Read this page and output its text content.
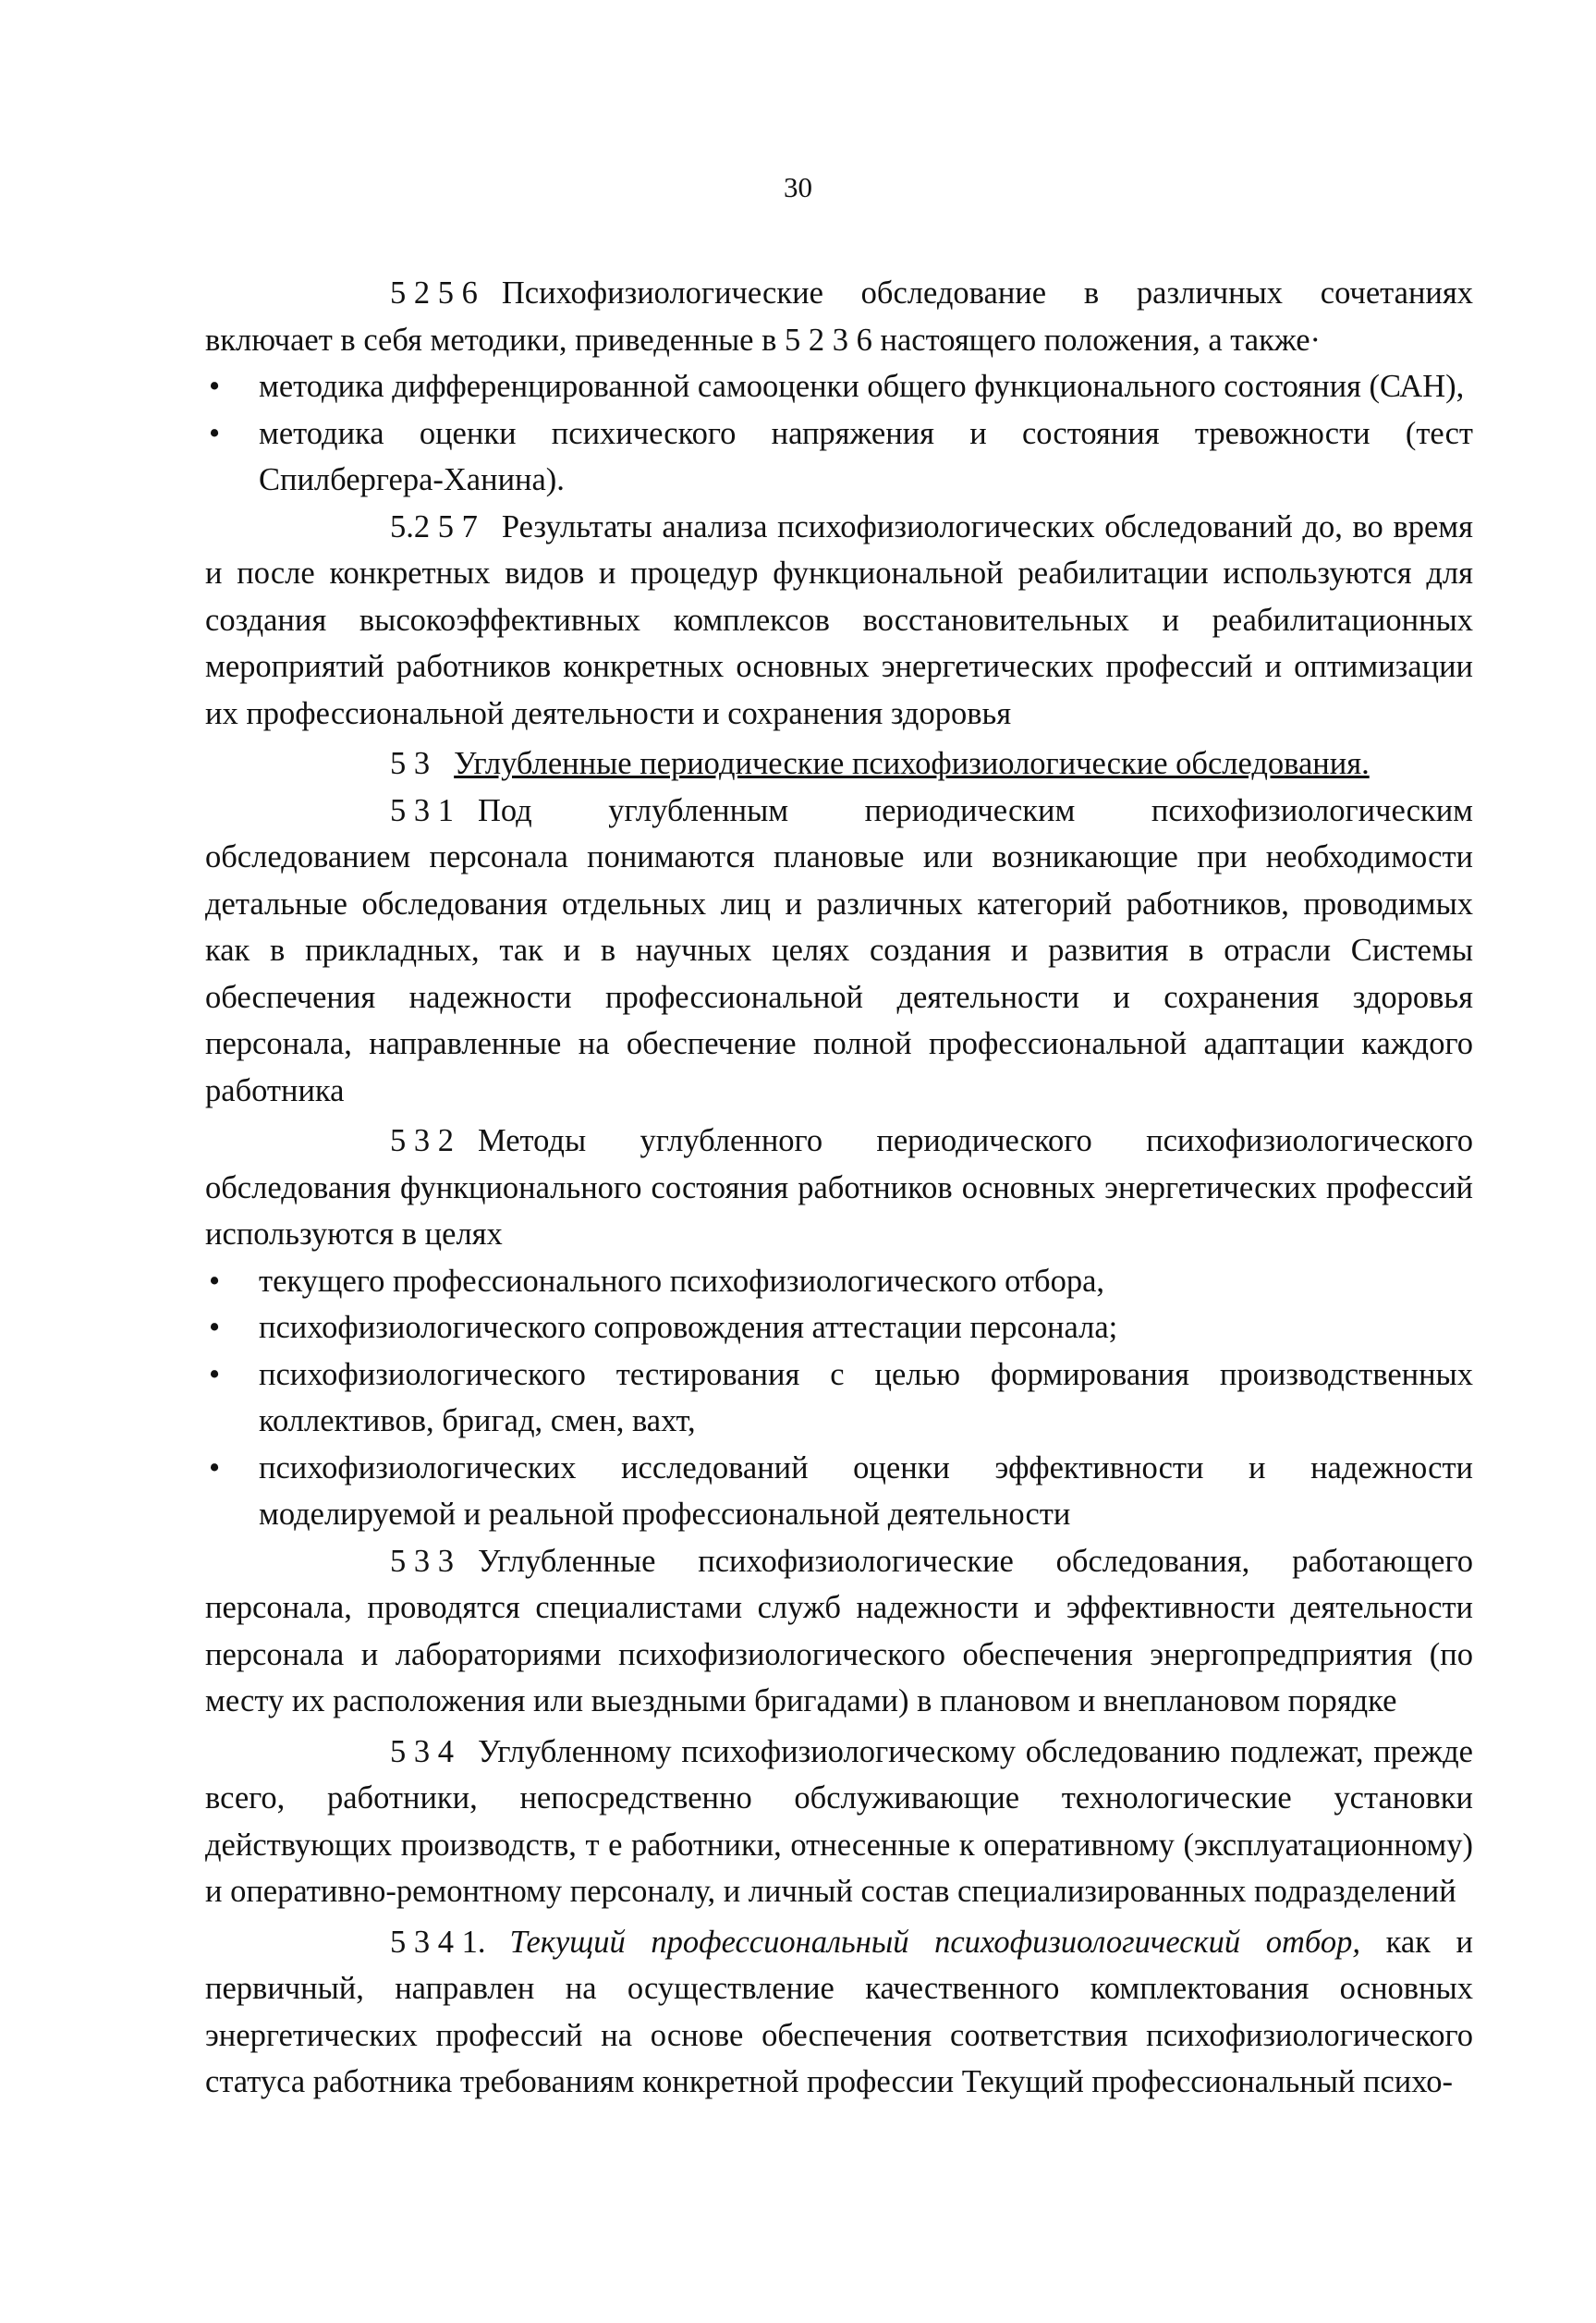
30

5 2 5 6 Психофизиологические обследование в различных сочетаниях включает в себя методики, приведенные в 5 2 3 6 настоящего положения, а также·

• методика дифференцированной самооценки общего функционального состояния (САН),
• методика оценки психического напряжения и состояния тревожности (тест Спилбергера-Ханина).

5.2 5 7 Результаты анализа психофизиологических обследований до, во время и после конкретных видов и процедур функциональной реабилитации используются для создания высокоэффективных комплексов восстановительных и реабилитационных мероприятий работников конкретных основных энергетических профессий и оптимизации их профессиональной деятельности и сохранения здоровья

5 3 Углубленные периодические психофизиологические обследования.

5 3 1 Под углубленным периодическим психофизиологическим обследованием персонала понимаются плановые или возникающие при необходимости детальные обследования отдельных лиц и различных категорий работников, проводимых как в прикладных, так и в научных целях создания и развития в отрасли Системы обеспечения надежности профессиональной деятельности и сохранения здоровья персонала, направленные на обеспечение полной профессиональной адаптации каждого работника

5 3 2 Методы углубленного периодического психофизиологического обследования функционального состояния работников основных энергетических профессий используются в целях

• текущего профессионального психофизиологического отбора,
• психофизиологического сопровождения аттестации персонала;
• психофизиологического тестирования с целью формирования производственных коллективов, бригад, смен, вахт,
• психофизиологических исследований оценки эффективности и надежности моделируемой и реальной профессиональной деятельности

5 3 3 Углубленные психофизиологические обследования, работающего персонала, проводятся специалистами служб надежности и эффективности деятельности персонала и лабораториями психофизиологического обеспечения энергопредприятия (по месту их расположения или выездными бригадами) в плановом и внеплановом порядке

5 3 4 Углубленному психофизиологическому обследованию подлежат, прежде всего, работники, непосредственно обслуживающие технологические установки действующих производств, т е работники, отнесенные к оперативному (эксплуатационному) и оперативно-ремонтному персоналу, и личный состав специализированных подразделений

5 3 4 1. Текущий профессиональный психофизиологический отбор, как и первичный, направлен на осуществление качественного комплектования основных энергетических профессий на основе обеспечения соответствия психофизиологического статуса работника требованиям конкретной профессии Текущий профессиональный психо-
